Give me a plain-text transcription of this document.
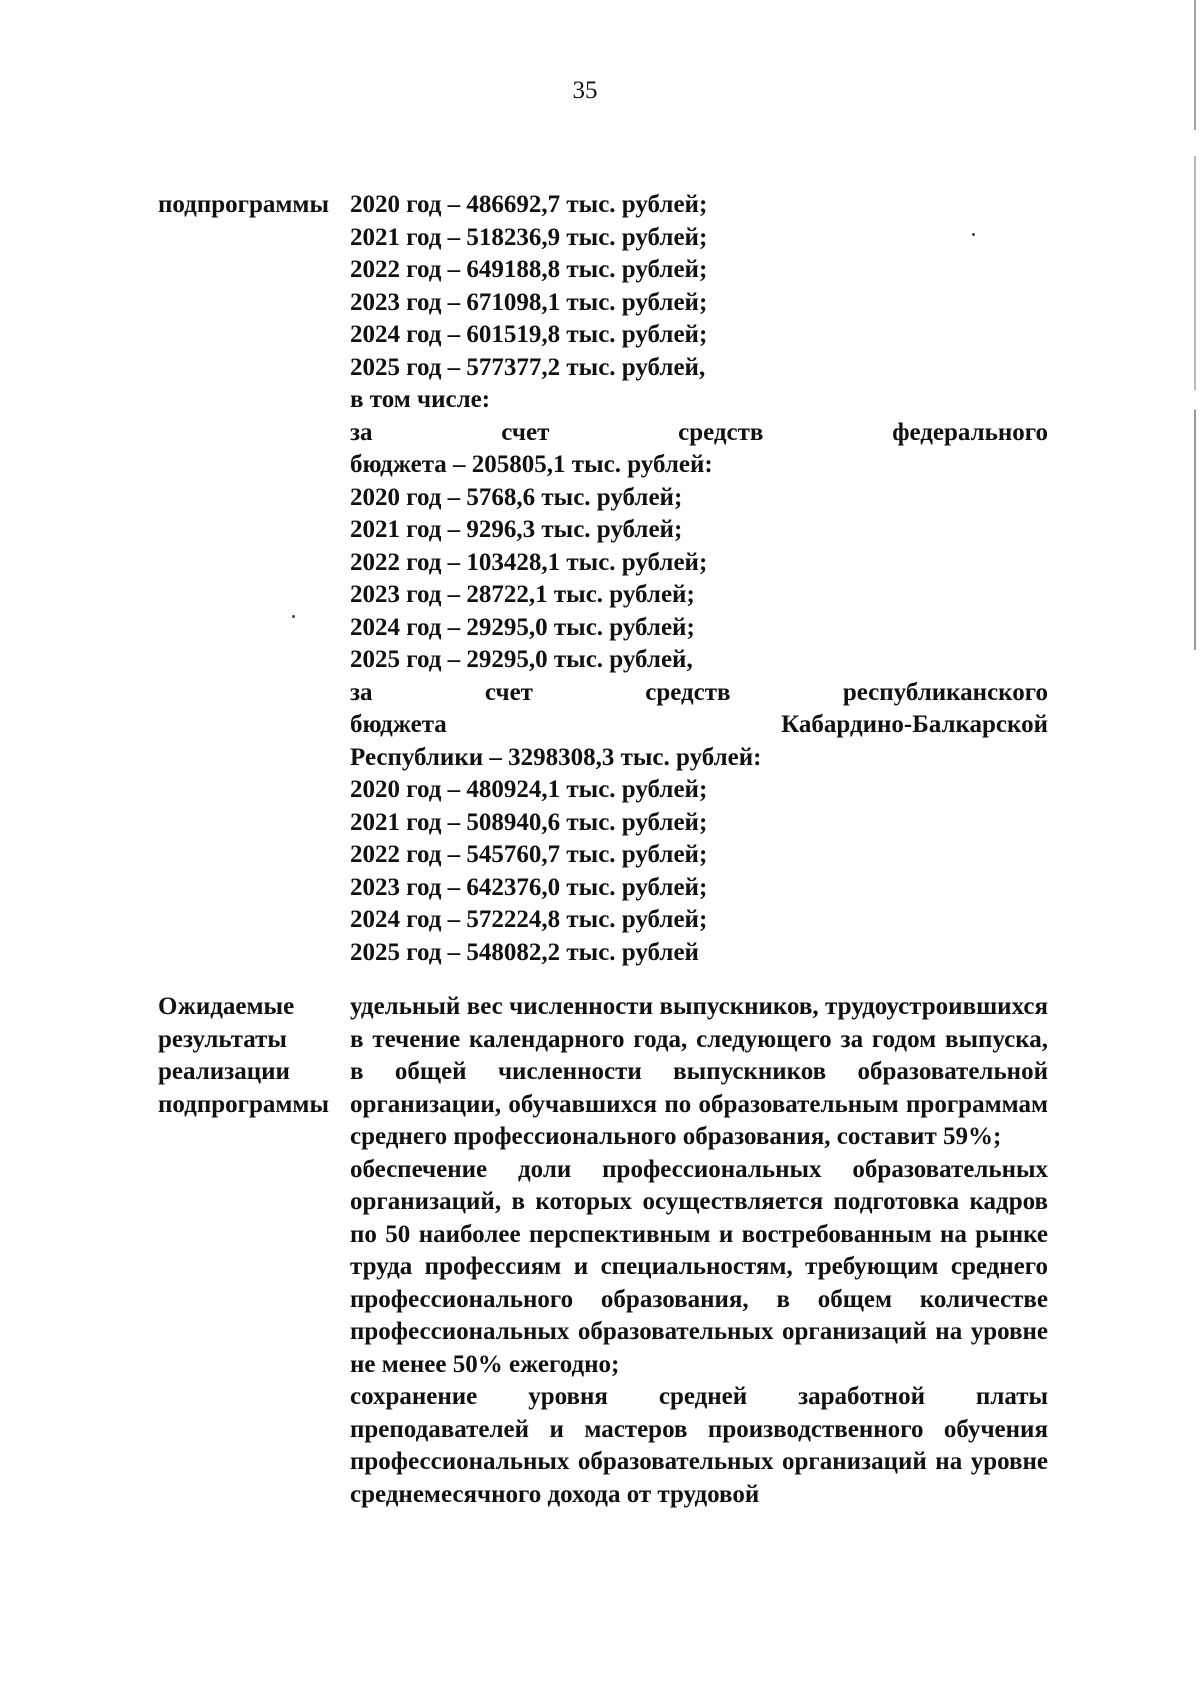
35
подпрограммы 2020 год – 486692,7 тыс. рублей;
2021 год – 518236,9 тыс. рублей;
2022 год – 649188,8 тыс. рублей;
2023 год – 671098,1 тыс. рублей;
2024 год – 601519,8 тыс. рублей;
2025 год – 577377,2 тыс. рублей,
в том числе:
за счет средств федерального
бюджета – 205805,1 тыс. рублей:
2020 год – 5768,6 тыс. рублей;
2021 год – 9296,3 тыс. рублей;
2022 год – 103428,1 тыс. рублей;
2023 год – 28722,1 тыс. рублей;
2024 год – 29295,0 тыс. рублей;
2025 год – 29295,0 тыс. рублей,
за счет средств республиканского
бюджета Кабардино-Балкарской
Республики – 3298308,3 тыс. рублей:
2020 год – 480924,1 тыс. рублей;
2021 год – 508940,6 тыс. рублей;
2022 год – 545760,7 тыс. рублей;
2023 год – 642376,0 тыс. рублей;
2024 год – 572224,8 тыс. рублей;
2025 год – 548082,2 тыс. рублей
Ожидаемые
результаты
реализации
подпрограммы
удельный вес численности выпускников, трудоустроившихся в течение календарного года, следующего за годом выпуска, в общей численности выпускников образовательной организации, обучавшихся по образовательным программам среднего профессионального образования, составит 59%;
обеспечение доли профессиональных образовательных организаций, в которых осуществляется подготовка кадров по 50 наиболее перспективным и востребованным на рынке труда профессиям и специальностям, требующим среднего профессионального образования, в общем количестве профессиональных образовательных организаций на уровне не менее 50% ежегодно;
сохранение уровня средней заработной платы преподавателей и мастеров производственного обучения профессиональных образовательных организаций на уровне среднемесячного дохода от трудовой
